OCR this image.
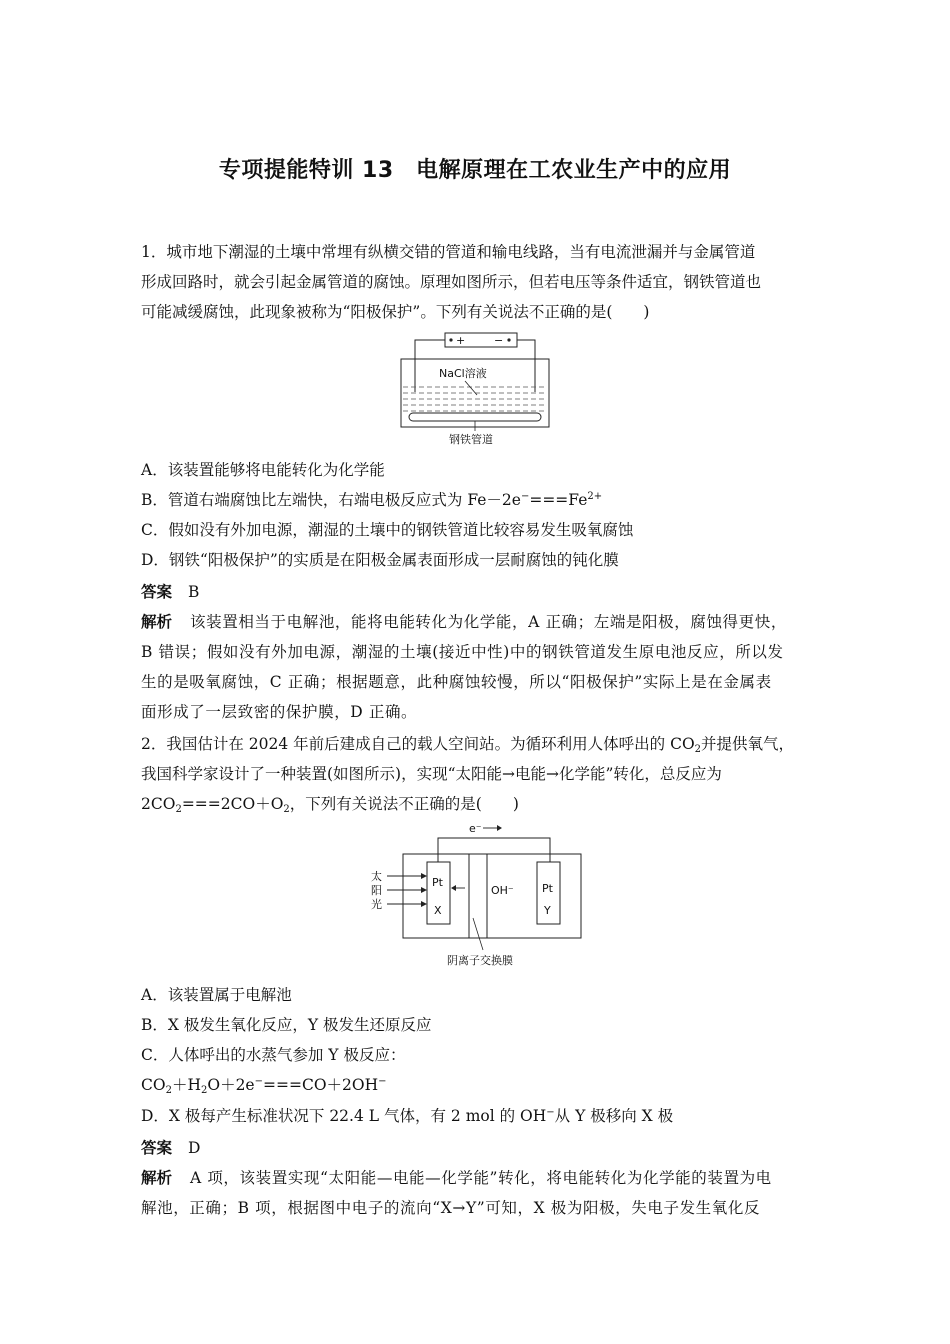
专项提能特训 13　电解原理在工农业生产中的应用
1．城市地下潮湿的土壤中常埋有纵横交错的管道和输电线路，当有电流泄漏并与金属管道
形成回路时，就会引起金属管道的腐蚀。原理如图所示，但若电压等条件适宜，钢铁管道也
可能减缓腐蚀，此现象被称为“阳极保护”。下列有关说法不正确的是(　　)
+	−
NaCl溶液
钢铁管道
A．该装置能够将电能转化为化学能
B．管道右端腐蚀比左端快，右端电极反应式为 $Fe-2e^-===Fe^{2+}$
C．假如没有外加电源，潮湿的土壤中的钢铁管道比较容易发生吸氧腐蚀
D．钢铁“阳极保护”的实质是在阳极金属表面形成一层耐腐蚀的钝化膜
答案 B
解析 该装置相当于电解池，能将电能转化为化学能，A 正确；左端是阳极，腐蚀得更快，
B 错误；假如没有外加电源，潮湿的土壤(接近中性)中的钢铁管道发生原电池反应，所以发
生的是吸氧腐蚀，C 正确；根据题意，此种腐蚀较慢，所以“阳极保护”实际上是在金属表
面形成了一层致密的保护膜，D 正确。
2．我国估计在 2024 年前后建成自己的载人空间站。为循环利用人体呼出的 $CO_2$并提供氧气，
我国科学家设计了一种装置(如图所示)，实现“太阳能→电能→化学能”转化，总反应为
$2CO_2===2CO+O_2$，下列有关说法不正确的是(　　)
e⁻
Pt
X
Pt
Y
OH⁻
太
阳
光
阴离子交换膜
A．该装置属于电解池
B．X 极发生氧化反应，Y 极发生还原反应
C．人体呼出的水蒸气参加 Y 极反应：
$CO_2+H_2O+2e^-===CO+2OH^-$
D．X 极每产生标准状况下 22.4 L 气体，有 2 mol 的 OH−从 Y 极移向 X 极
答案 D
解析 A 项，该装置实现“太阳能—电能—化学能”转化，将电能转化为化学能的装置为电
解池，正确；B 项，根据图中电子的流向“X→Y”可知，X 极为阳极，失电子发生氧化反
